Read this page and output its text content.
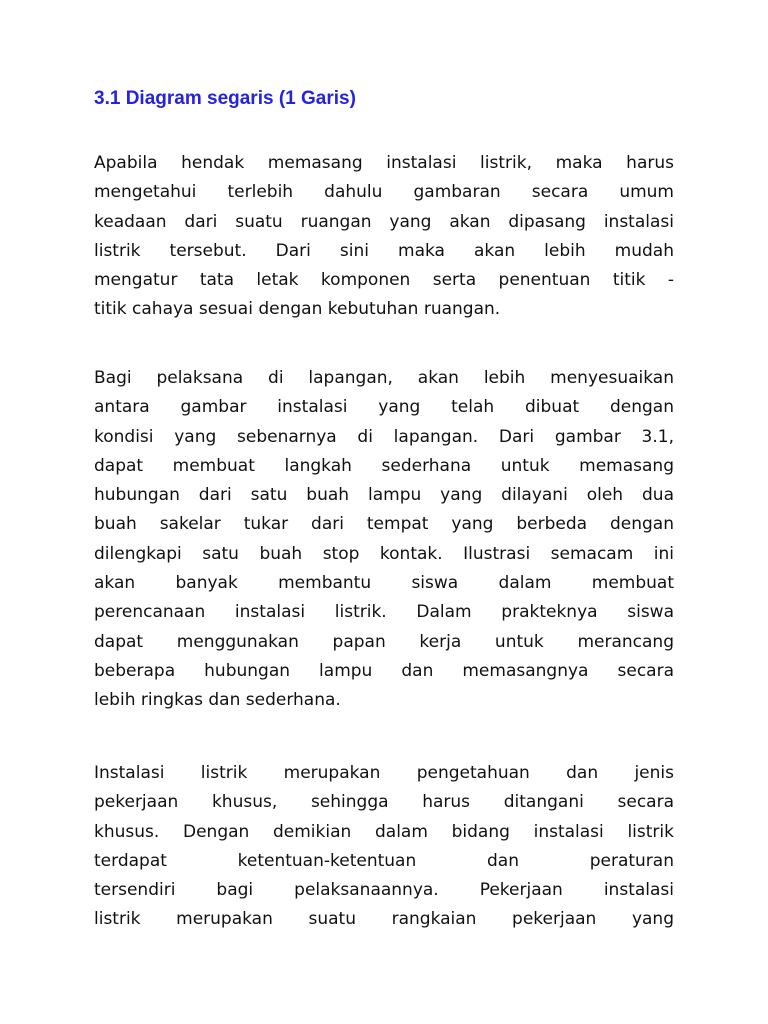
3.1 Diagram segaris (1 Garis)

Apabila hendak memasang instalasi listrik, maka harus
mengetahui terlebih dahulu gambaran secara umum
keadaan dari suatu ruangan yang akan dipasang instalasi
listrik tersebut. Dari sini maka akan lebih mudah
mengatur tata letak komponen serta penentuan titik -
titik cahaya sesuai dengan kebutuhan ruangan.

Bagi pelaksana di lapangan, akan lebih menyesuaikan
antara gambar instalasi yang telah dibuat dengan
kondisi yang sebenarnya di lapangan. Dari gambar 3.1,
dapat membuat langkah sederhana untuk memasang
hubungan dari satu buah lampu yang dilayani oleh dua
buah sakelar tukar dari tempat yang berbeda dengan
dilengkapi satu buah stop kontak. Ilustrasi semacam ini
akan banyak membantu siswa dalam membuat
perencanaan instalasi listrik. Dalam prakteknya siswa
dapat menggunakan papan kerja untuk merancang
beberapa hubungan lampu dan memasangnya secara
lebih ringkas dan sederhana.

Instalasi listrik merupakan pengetahuan dan jenis
pekerjaan khusus, sehingga harus ditangani secara
khusus. Dengan demikian dalam bidang instalasi listrik
terdapat ketentuan-ketentuan dan peraturan
tersendiri bagi pelaksanaannya. Pekerjaan instalasi
listrik merupakan suatu rangkaian pekerjaan yang
